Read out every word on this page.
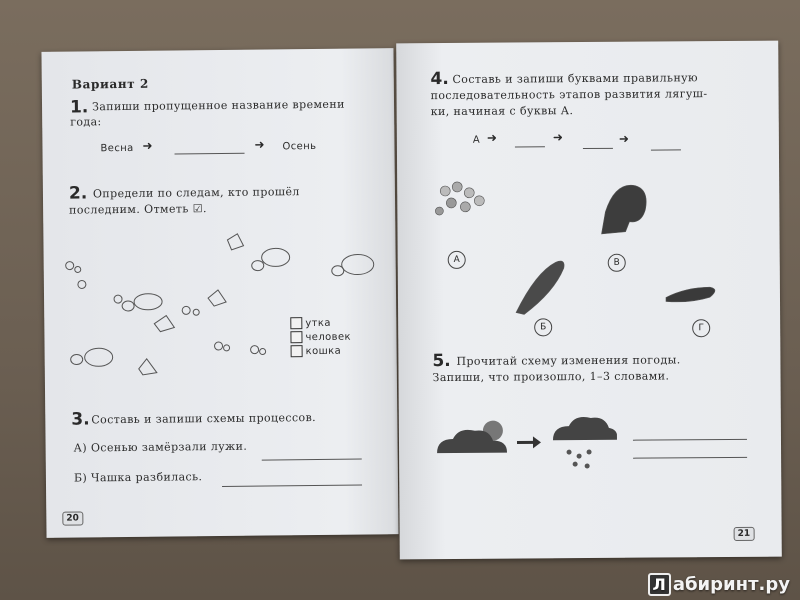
Вариант 2
1. Запиши пропущенное название времени
года:
Весна ➜	➜ Осень
2. Определи по следам, кто прошёл
последним. Отметь ☑.
утка
человек
кошка
3. Составь и запиши схемы процессов.
А) Осенью замёрзали лужи.
Б) Чашка разбилась.
20
4. Составь и запиши буквами правильную
последовательность этапов развития лягуш-
ки, начиная с буквы А.
А ➜	➜	➜
А
Б
В
Г
5. Прочитай схему изменения погоды.
Запиши, что произошло, 1–3 словами.
21
Л абиринт.ру
